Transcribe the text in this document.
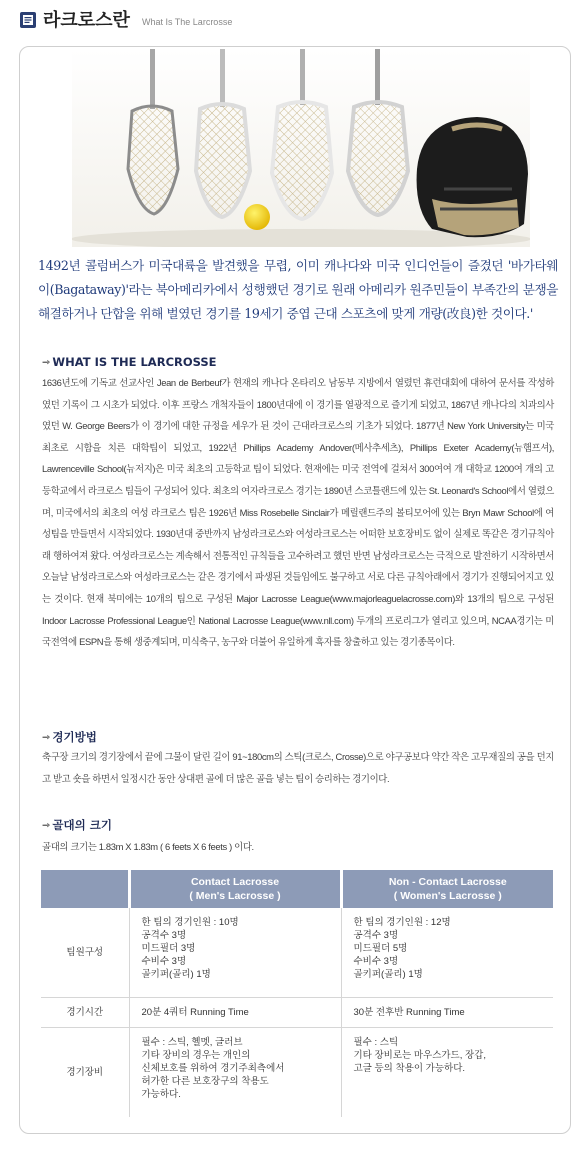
라크로스란 What Is The Larcrosse
1492년 콜럼버스가 미국대륙을 발견했을 무렵, 이미 캐나다와 미국 인디언들이 즐겼던 '바가타웨이(Bagataway)'라는 북아메리카에서 성행했던 경기로 원래 아메리카 원주민들이 부족간의 분쟁을 해결하거나 단합을 위해 벌였던 경기를 19세기 중엽 근대 스포츠에 맞게 개량(改良)한 것이다.'
--› WHAT IS THE LARCROSSE
1636년도에 기독교 선교사인 Jean de Berbeuf가 현재의 캐나다 온타리오 남동부 지방에서 열렸던 휴런대회에 대하여 문서를 작성하였던 기록이 그 시초가 되었다. 이후 프랑스 개척자들이 1800년대에 이 경기를 열광적으로 즐기게 되었고, 1867년 캐나다의 치과의사였던 W. George Beers가 이 경기에 대한 규정을 세우가 된 것이 근대라크로스의 기초가 되었다. 1877년 New York University는 미국 최초로 시합을 치른 대학팀이 되었고, 1922년 Phillips Academy Andover(메사추세츠), Phillips Exeter Academy(뉴햄프셔), Lawrenceville School(뉴저지)은 미국 최초의 고등학교 팀이 되었다. 현재에는 미국 전역에 걸쳐서 300여여 개 대학교 1200여 개의 고등학교에서 라크로스 팀들이 구성되어 있다. 최초의 여자라크로스 경기는 1890년 스코틀랜드에 있는 St. Leonard's School에서 열렸으며, 미국에서의 최초의 여성 라크로스 팀은 1926년 Miss Rosebelle Sinclair가 메릴랜드주의 볼티모어에 있는 Bryn Mawr School에 여성팀을 만들면서 시작되었다. 1930년대 중반까지 남성라크로스와 여성라크로스는 어떠한 보호장비도 없이 실제로 똑같은 경기규칙아래 행하여져 왔다. 여성라크로스는 계속해서 전통적인 규칙들을 고수하려고 했던 반면 남성라크로스는 극적으로 발전하기 시작하면서 오늘날 남성라크로스와 여성라크로스는 같은 경기에서 파생된 것들임에도 불구하고 서로 다른 규칙아래에서 경기가 진행되어지고 있는 것이다. 현재 북미에는 10개의 팀으로 구성된 Major Lacrosse League(www.majorleaguelacrosse.com)와 13개의 팀으로 구성된 Indoor Lacrosse Professional League인 National Lacrosse League(www.nll.com) 두개의 프로리그가 열리고 있으며, NCAA경기는 미국전역에 ESPN을 통해 생중계되며, 미식축구, 농구와 더불어 유일하게 흑자를 창출하고 있는 경기종목이다.
--› 경기방법
축구장 크기의 경기장에서 끝에 그물이 달린 길이 91~180cm의 스틱(크로스, Crosse)으로 야구공보다 약간 작은 고무재질의 공을 던지고 받고 숏을 하면서 일정시간 동안 상대편 골에 더 많은 골을 넣는 팀이 승리하는 경기이다.
--› 골대의 크기
골대의 크기는 1.83m X 1.83m ( 6 feets X 6 feets ) 이다.

	Contact Lacrosse
( Men's Lacrosse )	Non - Contact Lacrosse
( Women's Lacrosse )

팀원구성	한 팀의 경기인원 : 10명
공격수 3명
미드필더 3명
수비수 3명
골키퍼(골리) 1명	한 팀의 경기인원 : 12명
공격수 3명
미드필더 5명
수비수 3명
골키퍼(골리) 1명

경기시간	20분 4쿼터 Running Time	30분 전후반 Running Time

경기장비	필수 : 스틱, 헬멧, 글러브
기타 장비의 경우는 개인의
신체보호를 위하여 경기주최측에서
허가한 다른 보호장구의 착용도
가능하다.	필수 : 스틱
기타 장비로는 마우스가드, 장갑,
고글 등의 착용이 가능하다.
